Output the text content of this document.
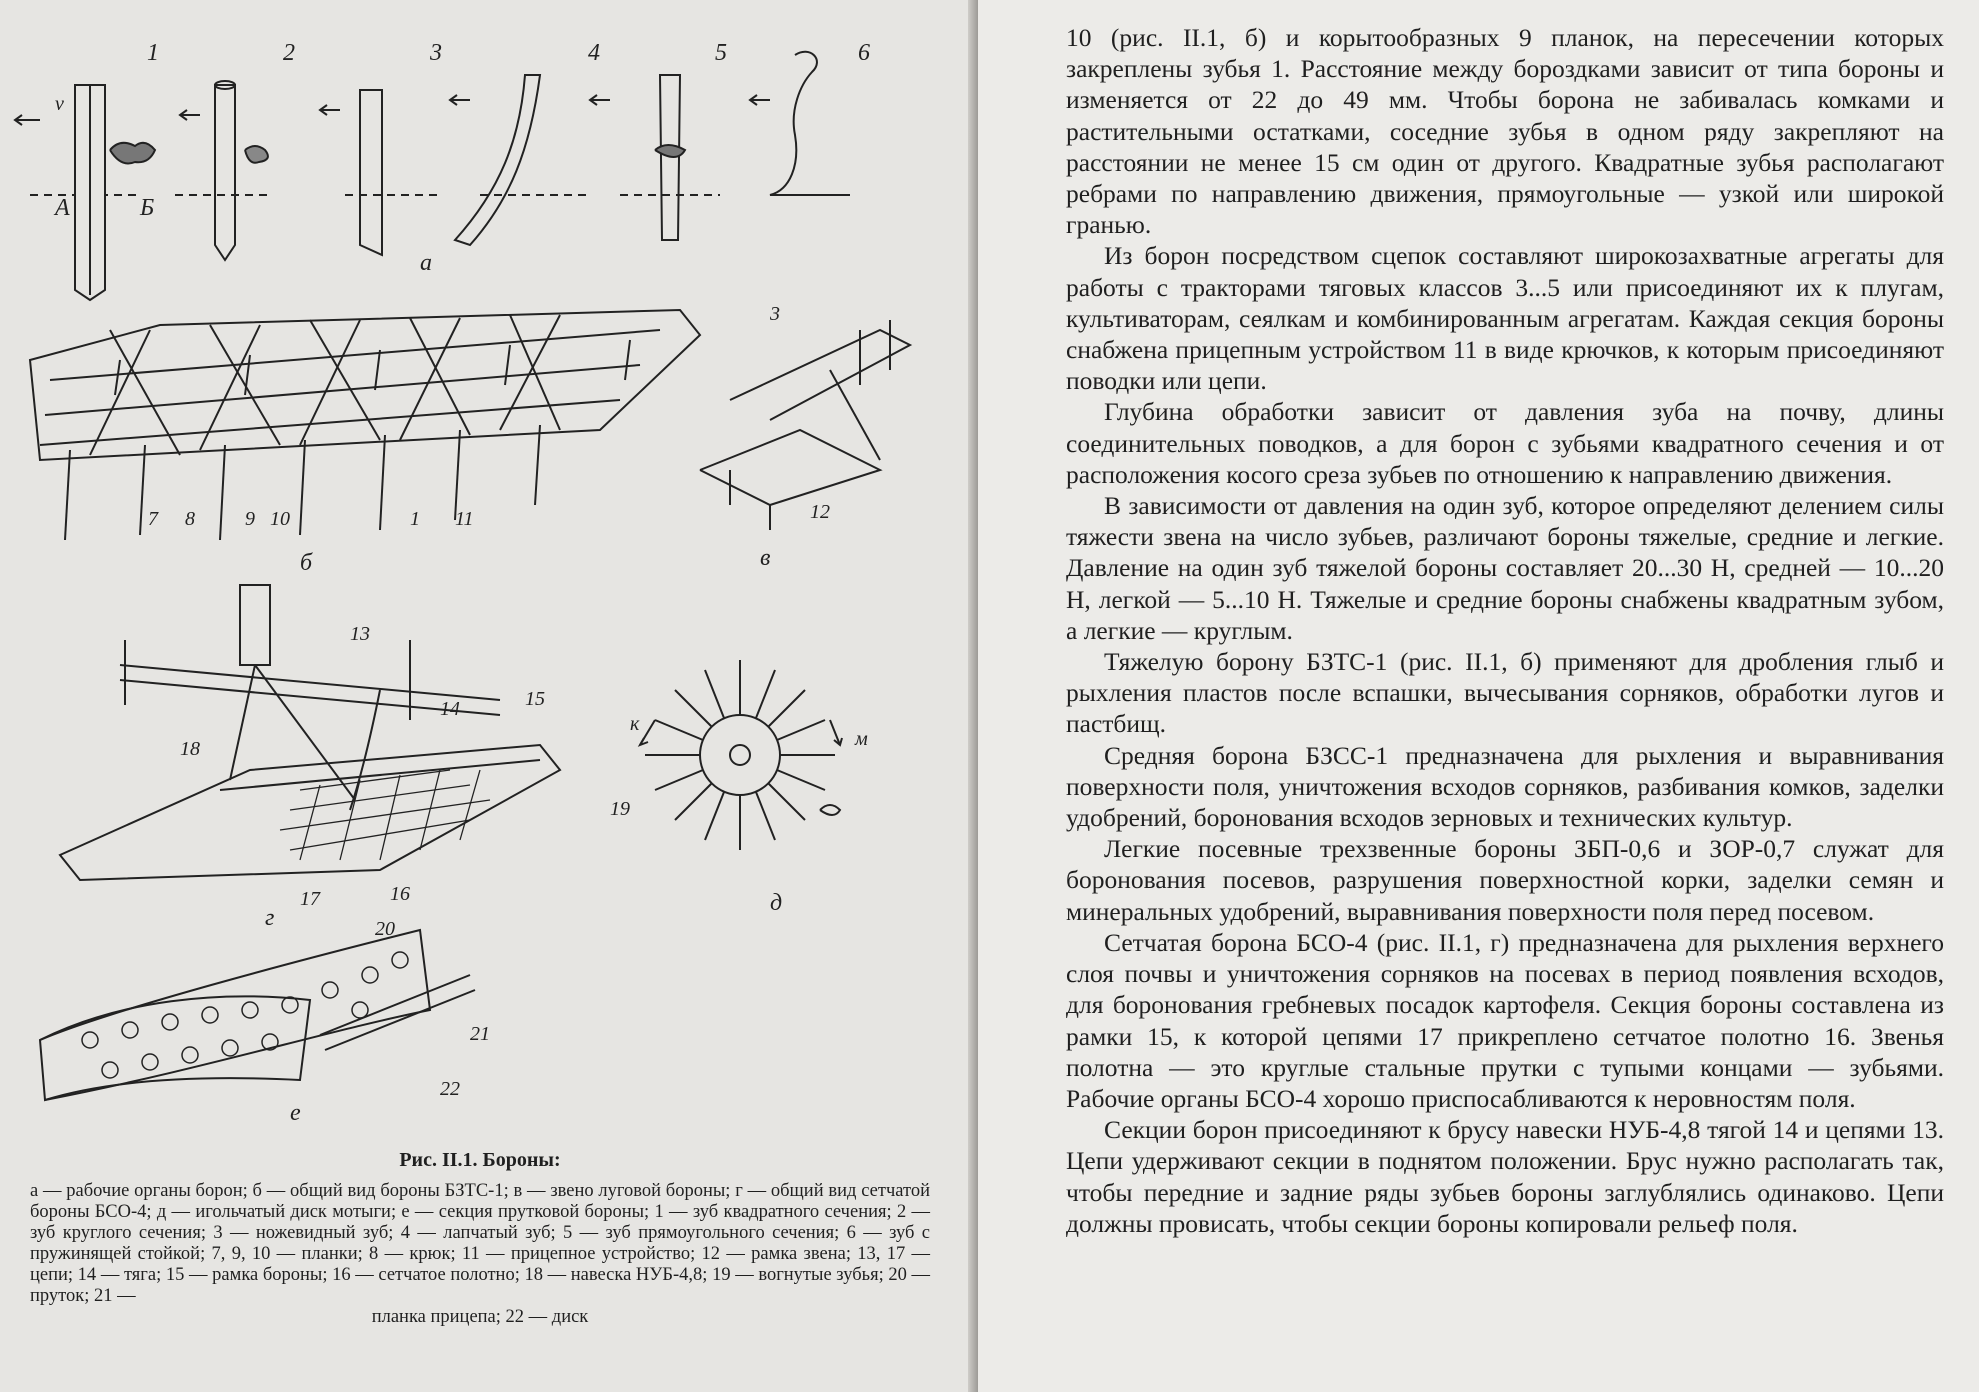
1	2	3	4	5	6
v
А	Б
а
б	в
г
д
е
7 8	9 10	1 11
3
12
13
14	15
16
17
18
19
к
м
20
21
22
Рис. II.1. Бороны:
а — рабочие органы борон; б — общий вид бороны БЗТС-1; в — звено луговой бороны; г — общий вид сетчатой бороны БСО-4; д — игольчатый диск мотыги; е — секция прутковой бороны; 1 — зуб квадратного сечения; 2 — зуб круглого сечения; 3 — ножевидный зуб; 4 — лапчатый зуб; 5 — зуб прямоугольного сечения; 6 — зуб с пружинящей стойкой; 7, 9, 10 — планки; 8 — крюк; 11 — прицепное устройство; 12 — рамка звена; 13, 17 — цепи; 14 — тяга; 15 — рамка бороны; 16 — сетчатое полотно; 18 — навеска НУБ-4,8; 19 — вогнутые зубья; 20 — пруток; 21 —
планка прицепа; 22 — диск

10 (рис. II.1, б) и корытообразных 9 планок, на пересечении которых закреплены зубья 1. Расстояние между бороздками зависит от типа бороны и изменяется от 22 до 49 мм. Чтобы борона не забивалась комками и растительными остатками, соседние зубья в одном ряду закрепляют на расстоянии не менее 15 см один от другого. Квадратные зубья располагают ребрами по направлению движения, прямоугольные — узкой или широкой гранью.

Из борон посредством сцепок составляют широкозахватные агрегаты для работы с тракторами тяговых классов 3...5 или присоединяют их к плугам, культиваторам, сеялкам и комбинированным агрегатам. Каждая секция бороны снабжена прицепным устройством 11 в виде крючков, к которым присоединяют поводки или цепи.

Глубина обработки зависит от давления зуба на почву, длины соединительных поводков, а для борон с зубьями квадратного сечения и от расположения косого среза зубьев по отношению к направлению движения.

В зависимости от давления на один зуб, которое определяют делением силы тяжести звена на число зубьев, различают бороны тяжелые, средние и легкие. Давление на один зуб тяжелой бороны составляет 20...30 Н, средней — 10...20 Н, легкой — 5...10 Н. Тяжелые и средние бороны снабжены квадратным зубом, а легкие — круглым.

Тяжелую борону БЗТС-1 (рис. II.1, б) применяют для дробления глыб и рыхления пластов после вспашки, вычесывания сорняков, обработки лугов и пастбищ.

Средняя борона БЗСС-1 предназначена для рыхления и выравнивания поверхности поля, уничтожения всходов сорняков, разбивания комков, заделки удобрений, боронования всходов зерновых и технических культур.

Легкие посевные трехзвенные бороны ЗБП-0,6 и ЗОР-0,7 служат для боронования посевов, разрушения поверхностной корки, заделки семян и минеральных удобрений, выравнивания поверхности поля перед посевом.

Сетчатая борона БСО-4 (рис. II.1, г) предназначена для рыхления верхнего слоя почвы и уничтожения сорняков на посевах в период появления всходов, для боронования гребневых посадок картофеля. Секция бороны составлена из рамки 15, к которой цепями 17 прикреплено сетчатое полотно 16. Звенья полотна — это круглые стальные прутки с тупыми концами — зубьями. Рабочие органы БСО-4 хорошо приспосабливаются к неровностям поля.

Секции борон присоединяют к брусу навески НУБ-4,8 тягой 14 и цепями 13. Цепи удерживают секции в поднятом положении. Брус нужно располагать так, чтобы передние и задние ряды зубьев бороны заглублялись одинаково. Цепи должны провисать, чтобы секции бороны копировали рельеф поля.
